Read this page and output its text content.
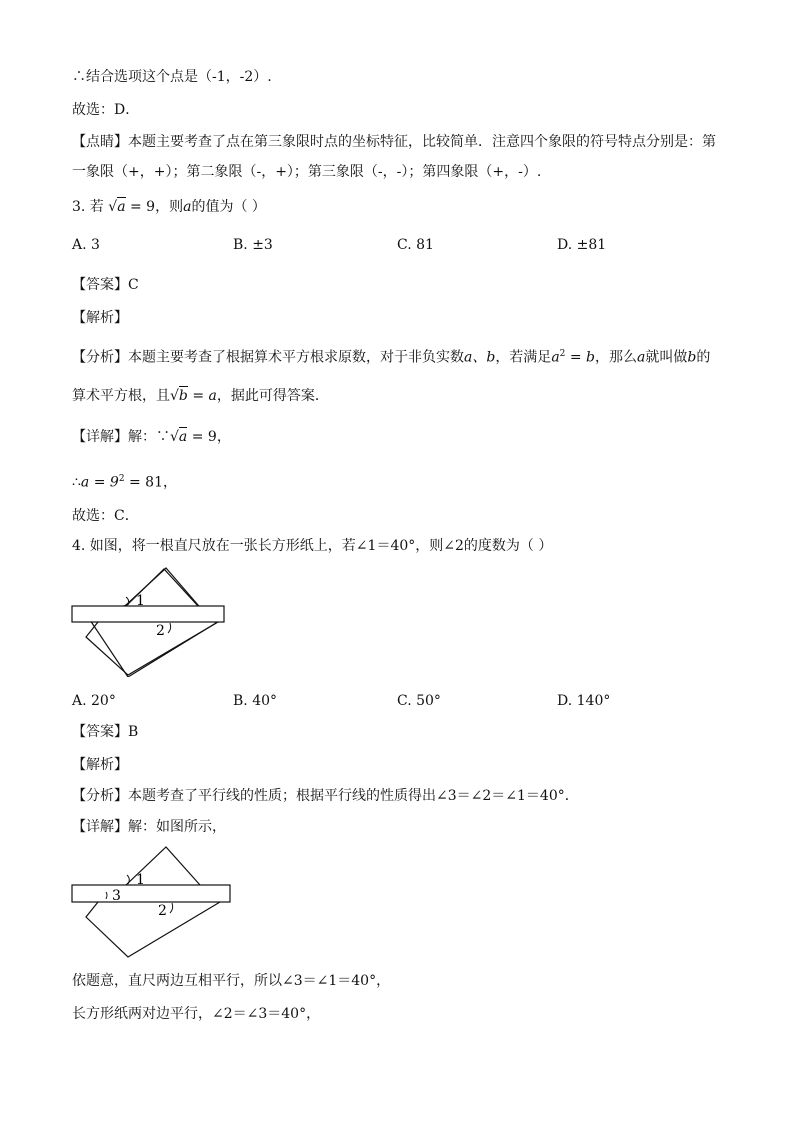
∴结合选项这个点是（-1，-2）.
故选：D．
【点睛】本题主要考查了点在第三象限时点的坐标特征，比较简单．注意四个象限的符号特点分别是：第
一象限（+，+）；第二象限（-，+）；第三象限（-，-）；第四象限（+，-）.
3. 若 √a = 9，则a的值为（ ）
A. 3	B. ±3	C. 81	D. ±81
【答案】C
【解析】
【分析】本题主要考查了根据算术平方根求原数，对于非负实数a、b，若满足$a^2 = b$，那么a就叫做b的
算术平方根，且√b = a，据此可得答案．
【详解】解：∵√a = 9，
∴a = $9^2 = 81$，
故选：C．
4. 如图，将一根直尺放在一张长方形纸上，若∠1＝40°，则∠2的度数为（ ）
1
2
A. 20°	B. 40°	C. 50°	D. 140°
【答案】B
【解析】
【分析】本题考查了平行线的性质；根据平行线的性质得出∠3＝∠2＝∠1＝40°．
【详解】解：如图所示，
1
3
2
依题意，直尺两边互相平行，所以∠3＝∠1＝40°，
长方形纸两对边平行，∠2＝∠3＝40°，
